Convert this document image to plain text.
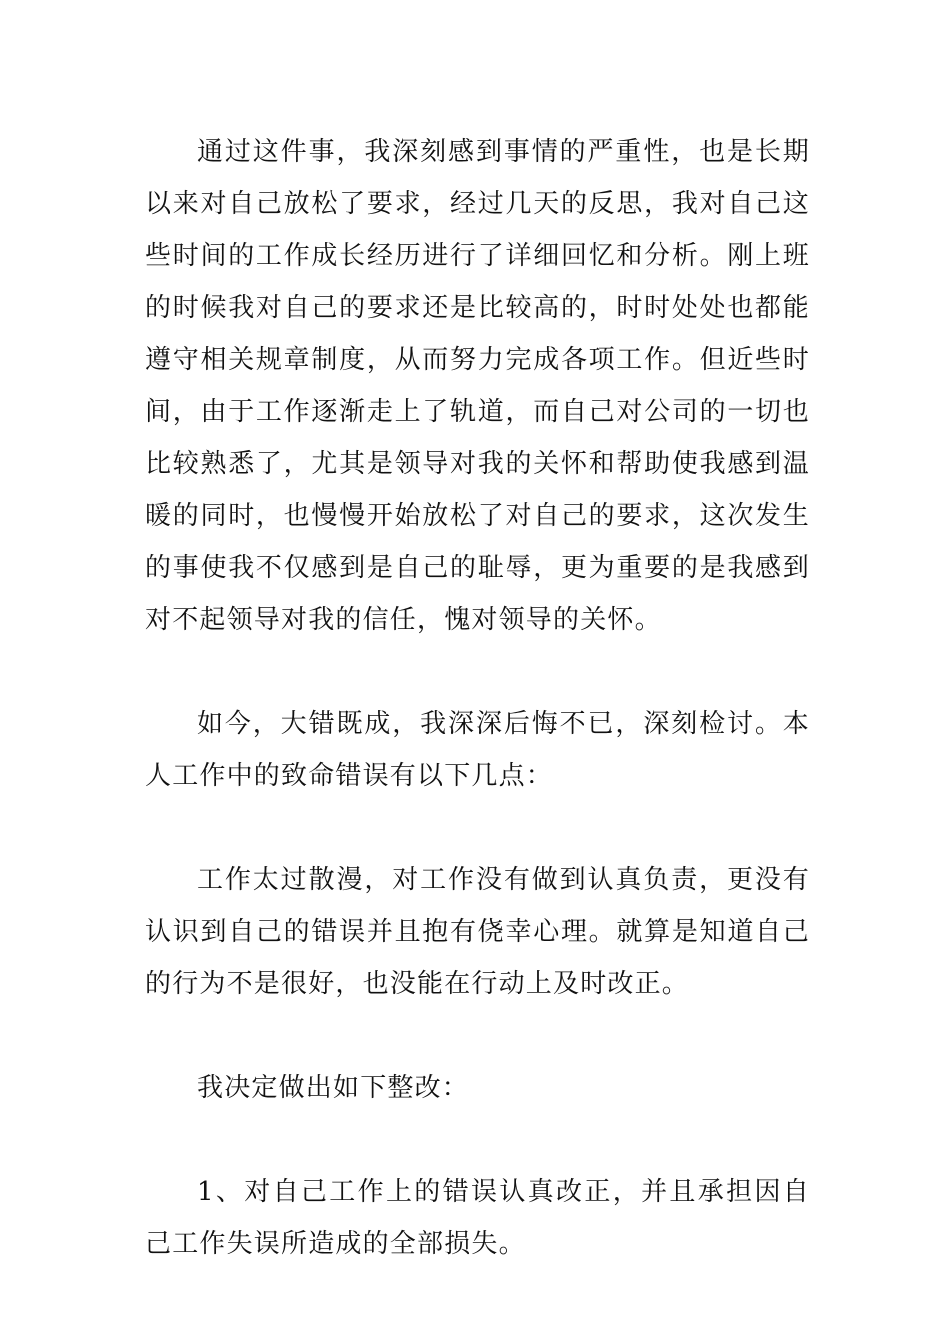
通过这件事，我深刻感到事情的严重性，也是长期以来对自己放松了要求，经过几天的反思，我对自己这些时间的工作成长经历进行了详细回忆和分析。刚上班的时候我对自己的要求还是比较高的，时时处处也都能遵守相关规章制度，从而努力完成各项工作。但近些时间，由于工作逐渐走上了轨道，而自己对公司的一切也比较熟悉了，尤其是领导对我的关怀和帮助使我感到温暖的同时，也慢慢开始放松了对自己的要求，这次发生的事使我不仅感到是自己的耻辱，更为重要的是我感到对不起领导对我的信任，愧对领导的关怀。

如今，大错既成，我深深后悔不已，深刻检讨。本人工作中的致命错误有以下几点：

工作太过散漫，对工作没有做到认真负责，更没有认识到自己的错误并且抱有侥幸心理。就算是知道自己的行为不是很好，也没能在行动上及时改正。

我决定做出如下整改：

1、对自己工作上的错误认真改正，并且承担因自己工作失误所造成的全部损失。
